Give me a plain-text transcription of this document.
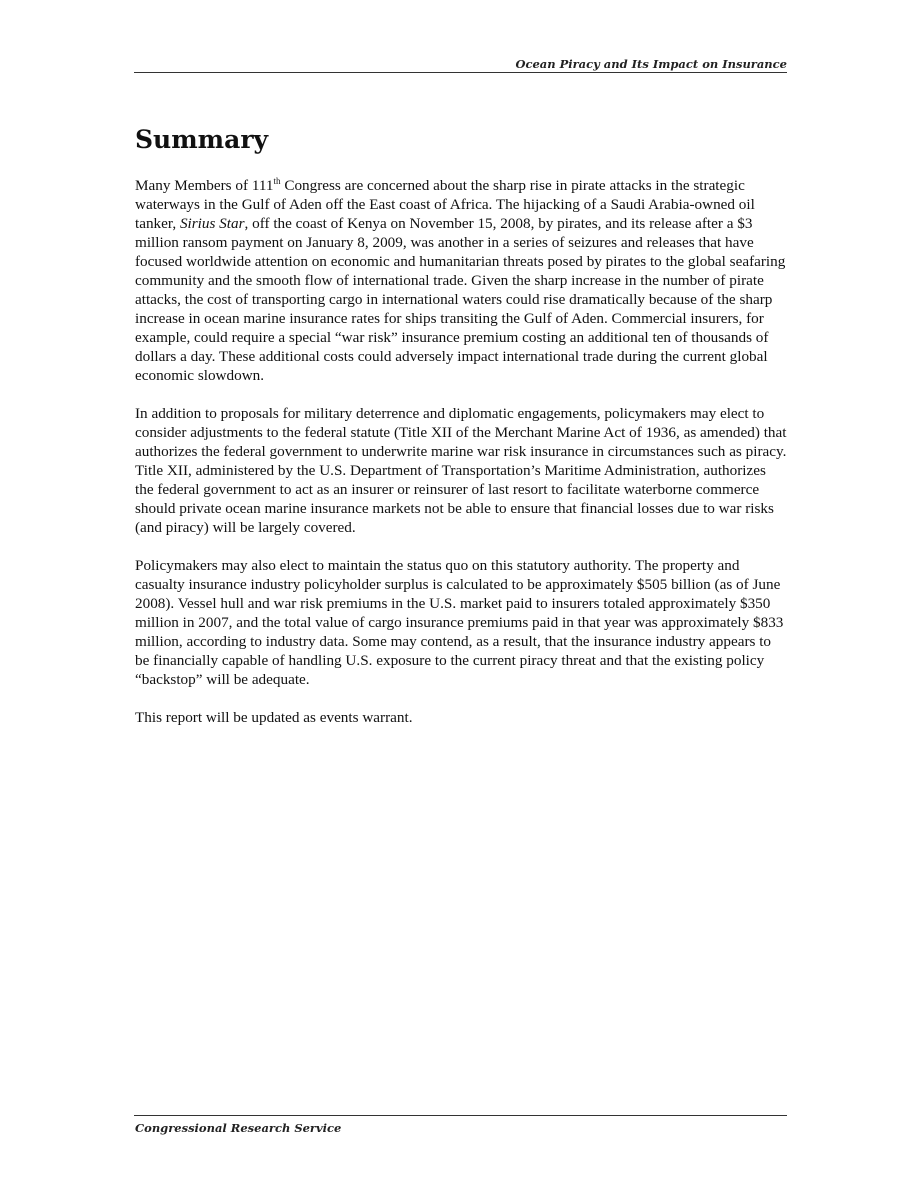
Ocean Piracy and Its Impact on Insurance
Summary

Many Members of 111th Congress are concerned about the sharp rise in pirate attacks in the strategic waterways in the Gulf of Aden off the East coast of Africa. The hijacking of a Saudi Arabia-owned oil tanker, Sirius Star, off the coast of Kenya on November 15, 2008, by pirates, and its release after a $3 million ransom payment on January 8, 2009, was another in a series of seizures and releases that have focused worldwide attention on economic and humanitarian threats posed by pirates to the global seafaring community and the smooth flow of international trade. Given the sharp increase in the number of pirate attacks, the cost of transporting cargo in international waters could rise dramatically because of the sharp increase in ocean marine insurance rates for ships transiting the Gulf of Aden. Commercial insurers, for example, could require a special “war risk” insurance premium costing an additional ten of thousands of dollars a day. These additional costs could adversely impact international trade during the current global economic slowdown.

In addition to proposals for military deterrence and diplomatic engagements, policymakers may elect to consider adjustments to the federal statute (Title XII of the Merchant Marine Act of 1936, as amended) that authorizes the federal government to underwrite marine war risk insurance in circumstances such as piracy. Title XII, administered by the U.S. Department of Transportation’s Maritime Administration, authorizes the federal government to act as an insurer or reinsurer of last resort to facilitate waterborne commerce should private ocean marine insurance markets not be able to ensure that financial losses due to war risks (and piracy) will be largely covered.

Policymakers may also elect to maintain the status quo on this statutory authority. The property and casualty insurance industry policyholder surplus is calculated to be approximately $505 billion (as of June 2008). Vessel hull and war risk premiums in the U.S. market paid to insurers totaled approximately $350 million in 2007, and the total value of cargo insurance premiums paid in that year was approximately $833 million, according to industry data. Some may contend, as a result, that the insurance industry appears to be financially capable of handling U.S. exposure to the current piracy threat and that the existing policy “backstop” will be adequate.

This report will be updated as events warrant.

Congressional Research Service
